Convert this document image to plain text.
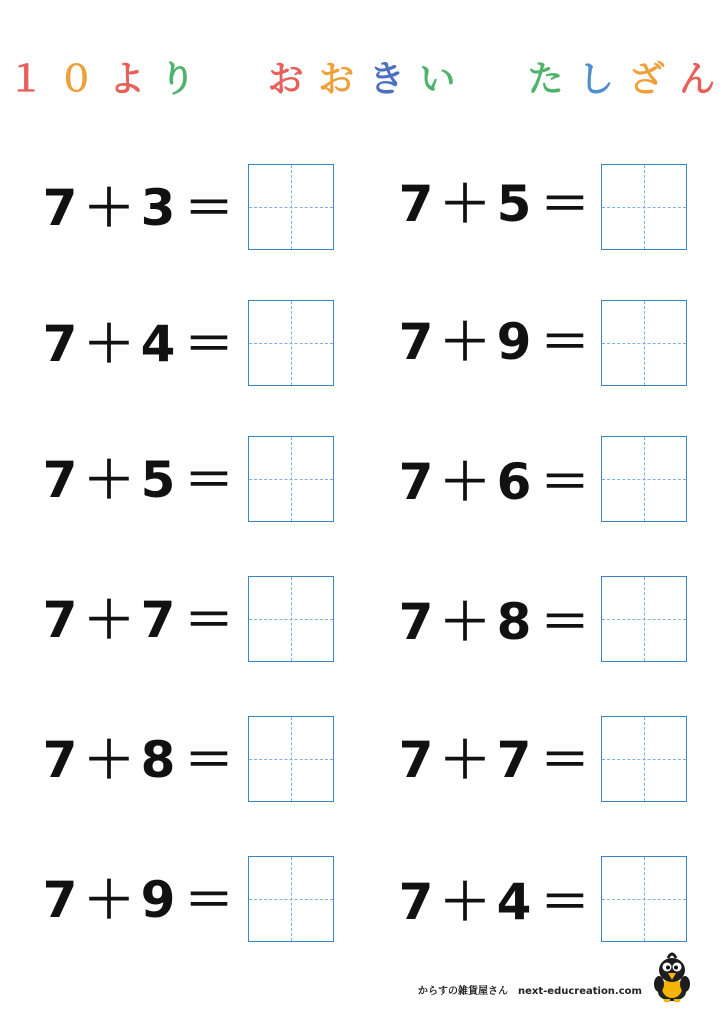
１ ０ よ り お お き い た し ざ ん
7 ＋ 3 ＝
7 ＋ 4 ＝
7 ＋ 5 ＝
7 ＋ 7 ＝
7 ＋ 8 ＝
7 ＋ 9 ＝
7 ＋ 5 ＝
7 ＋ 9 ＝
7 ＋ 6 ＝
7 ＋ 8 ＝
7 ＋ 7 ＝
7 ＋ 4 ＝
からすの雑貨屋さん　next-educreation.com
